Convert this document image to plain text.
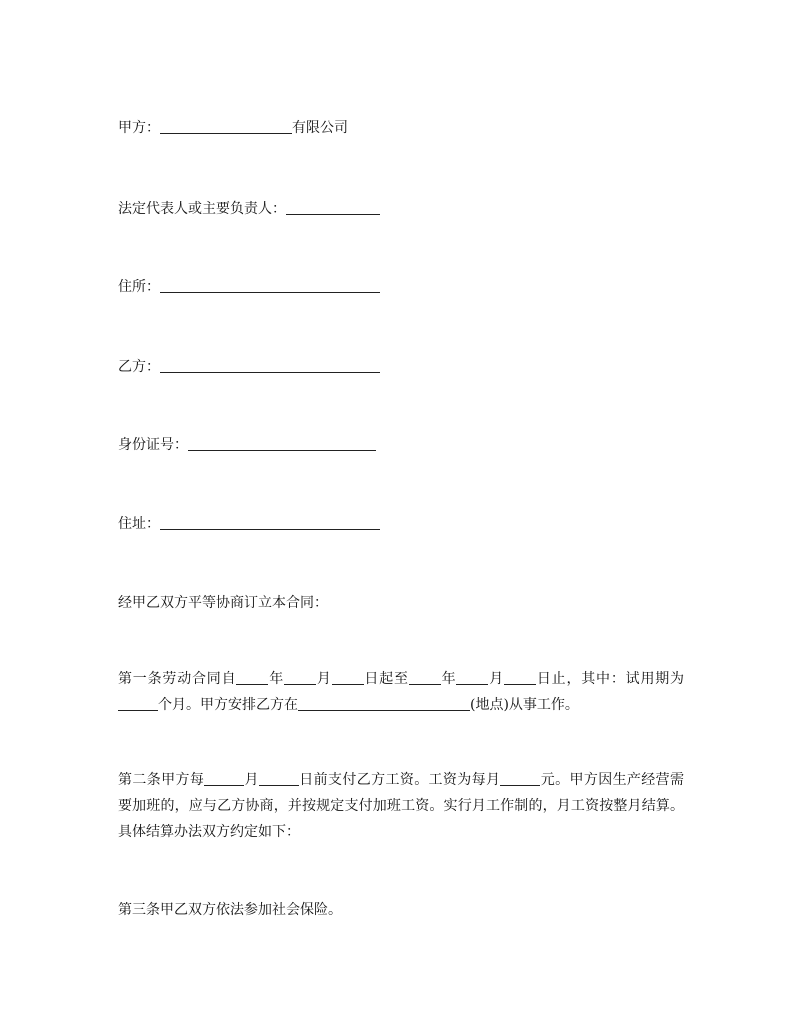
甲方：	有限公司
法定代表人或主要负责人：
住所：
乙方：
身份证号：
住址：
经甲乙双方平等协商订立本合同：
第一条劳动合同自 年 月 日起至 年 月 日止，其中：试用期为个月。甲方安排乙方在	(地点)从事工作。
第二条甲方每	月	日前支付乙方工资。工资为每月	元。甲方因生产经营需要加班的，应与乙方协商，并按规定支付加班工资。实行月工作制的，月工资按整月结算。具体结算办法双方约定如下：
第三条甲乙双方依法参加社会保险。
